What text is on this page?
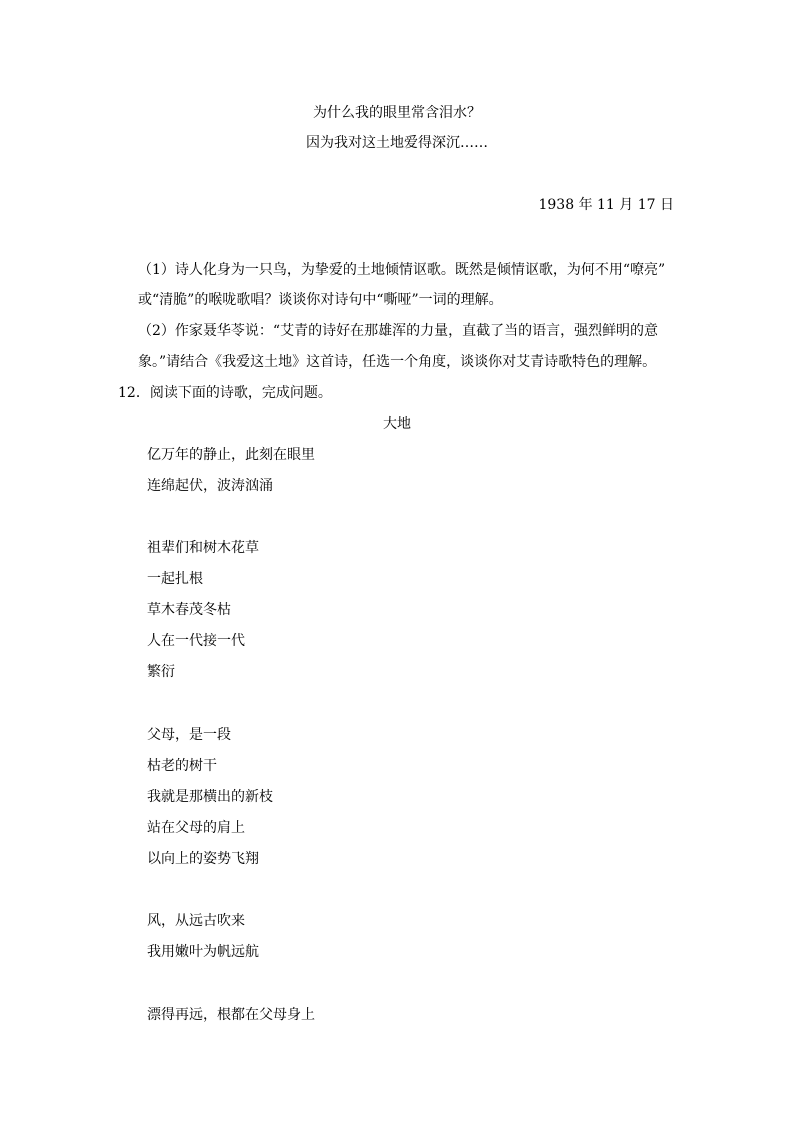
为什么我的眼里常含泪水？
因为我对这土地爱得深沉……
1938 年 11 月 17 日
（1）诗人化身为一只鸟，为挚爱的土地倾情讴歌。既然是倾情讴歌，为何不用“嘹亮”
或“清脆”的喉咙歌唱？谈谈你对诗句中“嘶哑”一词的理解。
（2）作家聂华苓说：“艾青的诗好在那雄浑的力量，直截了当的语言，强烈鲜明的意
象。”请结合《我爱这土地》这首诗，任选一个角度，谈谈你对艾青诗歌特色的理解。
12．阅读下面的诗歌，完成问题。
大地
亿万年的静止，此刻在眼里
连绵起伏，波涛汹涌
祖辈们和树木花草
一起扎根
草木春茂冬枯
人在一代接一代
繁衍
父母，是一段
枯老的树干
我就是那横出的新枝
站在父母的肩上
以向上的姿势飞翔
风，从远古吹来
我用嫩叶为帆远航
漂得再远，根都在父母身上
